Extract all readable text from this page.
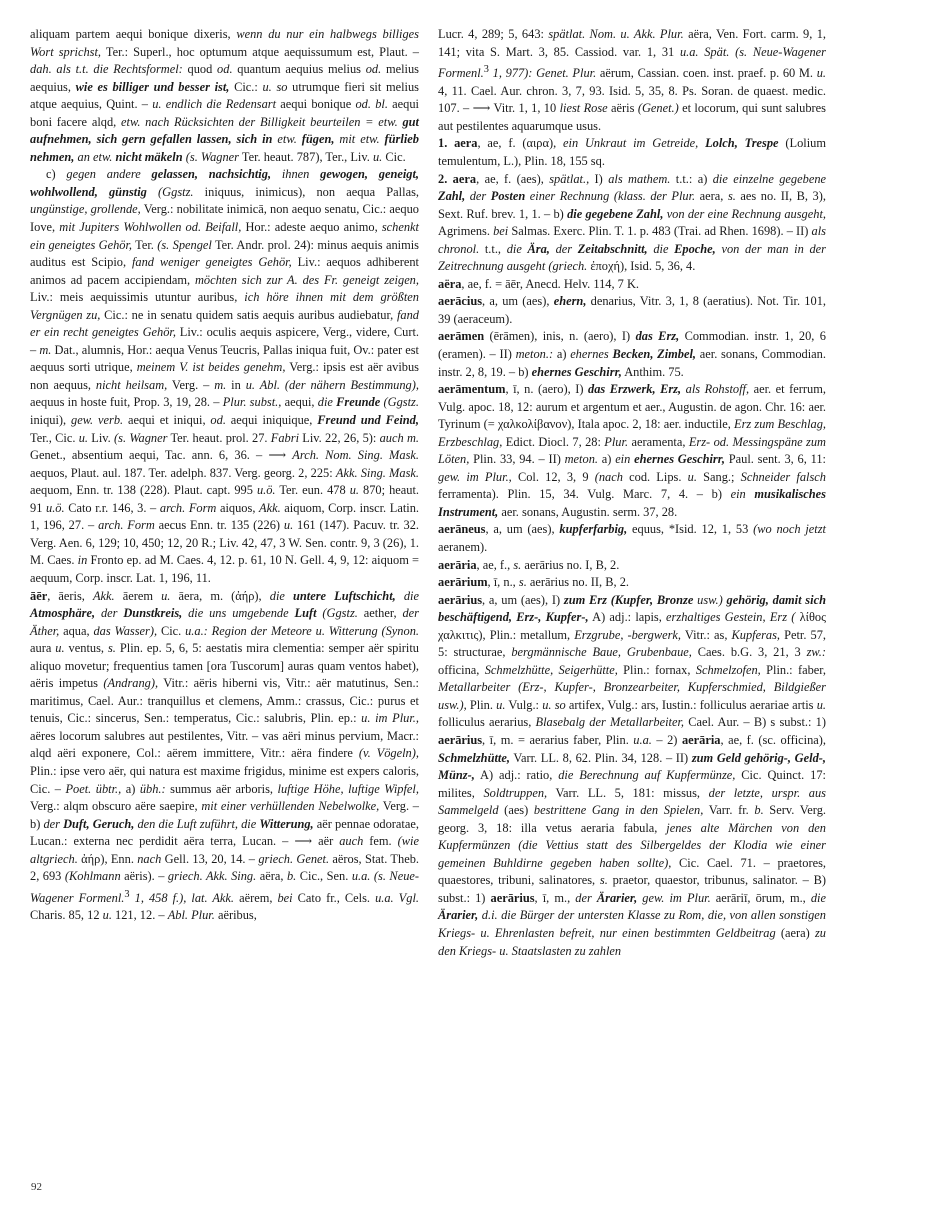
aliquam partem aequi bonique dixeris, wenn du nur ein halbwegs billiges Wort sprichst, Ter.: Superl., hoc optumum atque aequissumum est, Plaut. – dah. als t.t. die Rechtsformel: quod od. quantum aequius melius od. melius aequius, wie es billiger und besser ist, Cic.: u. so utrumque fieri sit melius atque aequius, Quint. – u. endlich die Redensart aequi bonique od. bl. aequi boni facere alqd, etw. nach Rücksichten der Billigkeit beurteilen = etw. gut aufnehmen, sich gern gefallen lassen, sich in etw. fügen, mit etw. fürlieb nehmen, an etw. nicht mäkeln (s. Wagner Ter. heaut. 787), Ter., Liv. u. Cic.

c) gegen andere gelassen, nachsichtig, ihnen gewogen, geneigt, wohlwollend, günstig (Ggstz. iniquus, inimicus), non aequa Pallas, ungünstige, grollende, Verg.: nobilitate inimicā, non aequo senatu, Cic.: aequo Iove, mit Jupiters Wohlwollen od. Beifall, Hor.: adeste aequo animo, schenkt ein geneigtes Gehör, Ter. (s. Spengel Ter. Andr. prol. 24): minus aequis animis auditus est Scipio, fand weniger geneigtes Gehör, Liv.: aequos adhiberent animos ad pacem accipiendam, möchten sich zur A. des Fr. geneigt zeigen, Liv.: meis aequissimis utuntur auribus, ich höre ihnen mit dem größten Vergnügen zu, Cic.: ne in senatu quidem satis aequis auribus audiebatur, fand er ein recht geneigtes Gehör, Liv.: oculis aequis aspicere, Verg., videre, Curt. – m. Dat., alumnis, Hor.: aequa Venus Teucris, Pallas iniqua fuit, Ov.: pater est aequus sorti utrique, meinem V. ist beides genehm, Verg.: ipsis est aër avibus non aequus, nicht heilsam, Verg. – m. in u. Abl. (der nähern Bestimmung), aequus in hoste fuit, Prop. 3, 19, 28. – Plur. subst., aequi, die Freunde (Ggstz. iniqui), gew. verb. aequi et iniqui, od. aequi iniquique, Freund und Feind, Ter., Cic. u. Liv. (s. Wagner Ter. heaut. prol. 27. Fabri Liv. 22, 26, 5): auch m. Genet., absentium aequi, Tac. ann. 6, 36. – ⟶ Arch. Nom. Sing. Mask. aequos, Plaut. aul. 187. Ter. adelph. 837. Verg. georg. 2, 225: Akk. Sing. Mask. aequom, Enn. tr. 138 (228). Plaut. capt. 995 u.ö. Ter. eun. 478 u. 870; heaut. 91 u.ö. Cato r.r. 146, 3. – arch. Form aiquos, Akk. aiquom, Corp. inscr. Latin. 1, 196, 27. – arch. Form aecus Enn. tr. 135 (226) u. 161 (147). Pacuv. tr. 32. Verg. Aen. 6, 129; 10, 450; 12, 20 R.; Liv. 42, 47, 3 W. Sen. contr. 9, 3 (26), 1. M. Caes. in Fronto ep. ad M. Caes. 4, 12. p. 61, 10 N. Gell. 4, 9, 12: aiquom = aequum, Corp. inscr. Lat. 1, 196, 11.

āēr, āeris, Akk. āerem u. āera, m. (ἀήρ), die untere Luftschicht, die Atmosphäre, der Dunstkreis, die uns umgebende Luft (Ggstz. aether, der Äther, aqua, das Wasser), Cic. u.a.: Region der Meteore u. Witterung (Synon. aura u. ventus, s. Plin. ep. 5, 6, 5: aestatis mira clementia: semper aër spiritu aliquo movetur; frequentius tamen [ora Tuscorum] auras quam ventos habet), aëris impetus (Andrang), Vitr.: aëris hiberni vis, Vitr.: aër matutinus, Sen.: maritimus, Cael. Aur.: tranquillus et clemens, Amm.: crassus, Cic.: purus et tenuis, Cic.: sincerus, Sen.: temperatus, Cic.: salubris, Plin. ep.: u. im Plur., aëres locorum salubres aut pestilentes, Vitr. – vas aëri minus pervium, Macr.: alqd aëri exponere, Col.: aërem immittere, Vitr.: aëra findere (v. Vögeln), Plin.: ipse vero aër, qui natura est maxime frigidus, minime est expers caloris, Cic. – Poet. übtr., a) übh.: summus aër arboris, luftige Höhe, luftige Wipfel, Verg.: alqm obscuro aëre saepire, mit einer verhüllenden Nebelwolke, Verg. – b) der Duft, Geruch, den die Luft zuführt, die Witterung, aër pennae odoratae, Lucan.: externa nec perdidit aëra terra, Lucan. – ⟶ aër auch fem. (wie altgriech. ἀήρ), Enn. nach Gell. 13, 20, 14. – griech. Genet. aëros, Stat. Theb. 2, 693 (Kohlmann aëris). – griech. Akk. Sing. aëra, b. Cic., Sen. u.a. (s. Neue-Wagener Formenl.$^3$ 1, 458 f.), lat. Akk. aërem, bei Cato fr., Cels. u.a. Vgl. Charis. 85, 12 u. 121, 12. – Abl. Plur. aëribus,

Lucr. 4, 289; 5, 643: spätlat. Nom. u. Akk. Plur. aëra, Ven. Fort. carm. 9, 1, 141; vita S. Mart. 3, 85. Cassiod. var. 1, 31 u.a. Spät. (s. Neue-Wagener Formenl.$^3$ 1, 977): Genet. Plur. aërum, Cassian. coen. inst. praef. p. 60 M. u. 4, 11. Cael. Aur. chron. 3, 7, 93. Isid. 5, 35, 8. Ps. Soran. de quaest. medic. 107. – ⟶ Vitr. 1, 1, 10 liest Rose aëris (Genet.) et locorum, qui sunt salubres aut pestilentes aquarumque usus.

1. aera, ae, f. (αιρα), ein Unkraut im Getreide, Lolch, Trespe (Lolium temulentum, L.), Plin. 18, 155 sq.

2. aera, ae, f. (aes), spätlat., I) als mathem. t.t.: a) die einzelne gegebene Zahl, der Posten einer Rechnung (klass. der Plur. aera, s. aes no. II, B, 3), Sext. Ruf. brev. 1, 1. – b) die gegebene Zahl, von der eine Rechnung ausgeht, Agrimens. bei Salmas. Exerc. Plin. T. 1. p. 483 (Trai. ad Rhen. 1698). – II) als chronol. t.t., die Ära, der Zeitabschnitt, die Epoche, von der man in der Zeitrechnung ausgeht (griech. ἐποχή), Isid. 5, 36, 4.

aëra, ae, f. = āēr, Anecd. Helv. 114, 7 K.

aerācius, a, um (aes), ehern, denarius, Vitr. 3, 1, 8 (aeratius). Not. Tir. 101, 39 (aeraceum).

aerāmen (ērāmen), inis, n. (aero), I) das Erz, Commodian. instr. 1, 20, 6 (eramen). – II) meton.: a) ehernes Becken, Zimbel, aer. sonans, Commodian. instr. 2, 8, 19. – b) ehernes Geschirr, Anthim. 75.

aerāmentum, ī, n. (aero), I) das Erzwerk, Erz, als Rohstoff, aer. et ferrum, Vulg. apoc. 18, 12: aurum et argentum et aer., Augustin. de agon. Chr. 16: aer. Tyrinum (= χαλκολίβανον), Itala apoc. 2, 18: aer. inductile, Erz zum Beschlag, Erzbeschlag, Edict. Diocl. 7, 28: Plur. aeramenta, Erz- od. Messingspäne zum Löten, Plin. 33, 94. – II) meton. a) ein ehernes Geschirr, Paul. sent. 3, 6, 11: gew. im Plur., Col. 12, 3, 9 (nach cod. Lips. u. Sang.; Schneider falsch ferramenta). Plin. 15, 34. Vulg. Marc. 7, 4. – b) ein musikalisches Instrument, aer. sonans, Augustin. serm. 37, 28.

aerāneus, a, um (aes), kupferfarbig, equus, *Isid. 12, 1, 53 (wo noch jetzt aeranem).

aerāria, ae, f., s. aerārius no. I, B, 2.

aerārium, ī, n., s. aerārius no. II, B, 2.

aerārius, a, um (aes), I) zum Erz (Kupfer, Bronze usw.) gehörig, damit sich beschäftigend, Erz-, Kupfer-, A) adj.: lapis, erzhaltiges Gestein, Erz ( λίθος χαλκιτις), Plin.: metallum, Erzgrube, -bergwerk, Vitr.: as, Kupferas, Petr. 57, 5: structurae, bergmännische Baue, Grubenbaue, Caes. b.G. 3, 21, 3 zw.: officina, Schmelzhütte, Seigerhütte, Plin.: fornax, Schmelzofen, Plin.: faber, Metallarbeiter (Erz-, Kupfer-, Bronzearbeiter, Kupferschmied, Bildgießer usw.), Plin. u. Vulg.: u. so artifex, Vulg.: ars, Iustin.: folliculus aerariae artis u. folliculus aerarius, Blasebalg der Metallarbeiter, Cael. Aur. – B) s subst.: 1) aerārius, ī, m. = aerarius faber, Plin. u.a. – 2) aerāria, ae, f. (sc. officina), Schmelzhütte, Varr. LL. 8, 62. Plin. 34, 128. – II) zum Geld gehörig-, Geld-, Münz-, A) adj.: ratio, die Berechnung auf Kupfermünze, Cic. Quinct. 17: milites, Soldtruppen, Varr. LL. 5, 181: missus, der letzte, urspr. aus Sammelgeld (aes) bestrittene Gang in den Spielen, Varr. fr. b. Serv. Verg. georg. 3, 18: illa vetus aeraria fabula, jenes alte Märchen von den Kupfermünzen (die Vettius statt des Silbergeldes der Klodia wie einer gemeinen Buhldirne gegeben haben sollte), Cic. Cael. 71. – praetores, quaestores, tribuni, salinatores, s. praetor, quaestor, tribunus, salinator. – B) subst.: 1) aerārius, ī, m., der Ärarier, gew. im Plur. aerāriī, ōrum, m., die Ärarier, d.i. die Bürger der untersten Klasse zu Rom, die, von allen sonstigen Kriegs- u. Ehrenlasten befreit, nur einen bestimmten Geldbeitrag (aera) zu den Kriegs- u. Staatslasten zu zahlen

92
